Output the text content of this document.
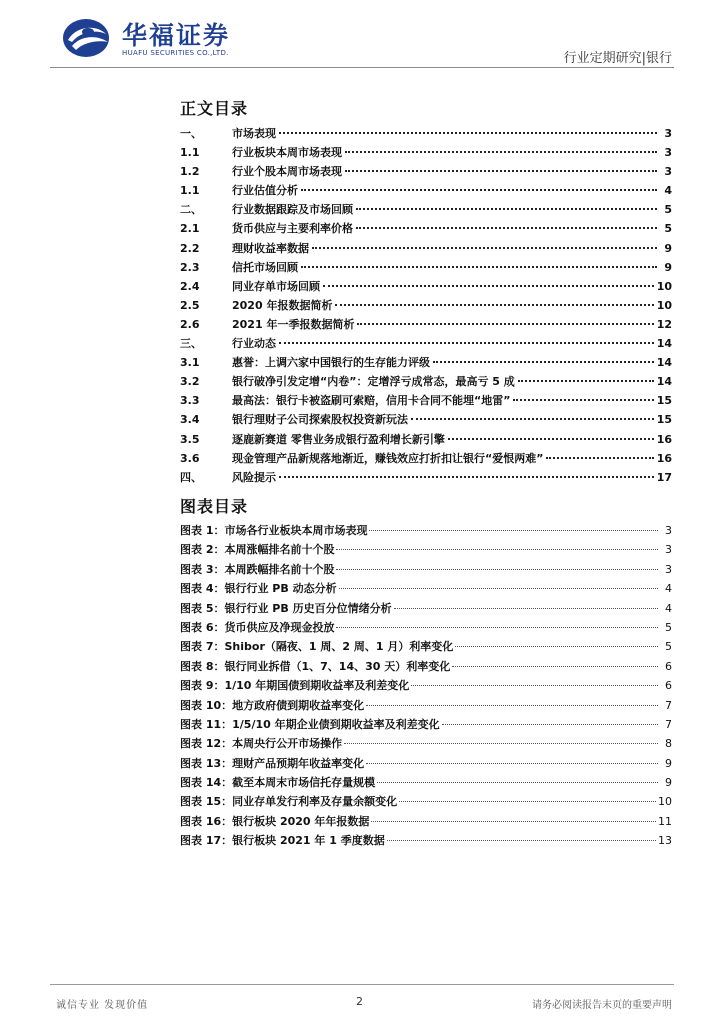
华福证券
HUAFU SECURITIES CO.,LTD.	行业定期研究|银行
正文目录
一、	市场表现	3
1.1	行业板块本周市场表现	3
1.2	行业个股本周市场表现	3
1.1	行业估值分析	4
二、	行业数据跟踪及市场回顾	5
2.1	货币供应与主要利率价格	5
2.2	理财收益率数据	9
2.3	信托市场回顾	9
2.4	同业存单市场回顾	10
2.5	2020 年报数据简析	10
2.6	2021 年一季报数据简析	12
三、	行业动态	14
3.1	惠誉：上调六家中国银行的生存能力评级	14
3.2	银行破净引发定增“内卷”：定增浮亏成常态，最高亏 5 成	14
3.3	最高法：银行卡被盗刷可索赔，信用卡合同不能埋“地雷”	15
3.4	银行理财子公司探索股权投资新玩法	15
3.5	逐鹿新赛道 零售业务成银行盈利增长新引擎	16
3.6	现金管理产品新规落地渐近，赚钱效应打折扣让银行“爱恨两难”	16
四、	风险提示	17
图表目录
图表 1：市场各行业板块本周市场表现	3
图表 2：本周涨幅排名前十个股	3
图表 3：本周跌幅排名前十个股	3
图表 4：银行行业 PB 动态分析	4
图表 5：银行行业 PB 历史百分位情绪分析	4
图表 6：货币供应及净现金投放	5
图表 7：Shibor（隔夜、1 周、2 周、1 月）利率变化	5
图表 8：银行同业拆借（1、7、14、30 天）利率变化	6
图表 9：1/10 年期国债到期收益率及利差变化	6
图表 10：地方政府债到期收益率变化	7
图表 11：1/5/10 年期企业债到期收益率及利差变化	7
图表 12：本周央行公开市场操作	8
图表 13：理财产品预期年收益率变化	9
图表 14：截至本周末市场信托存量规模	9
图表 15：同业存单发行利率及存量余额变化	10
图表 16：银行板块 2020 年年报数据	11
图表 17：银行板块 2021 年 1 季度数据	13
诚信专业 发现价值	2	请务必阅读报告末页的重要声明
